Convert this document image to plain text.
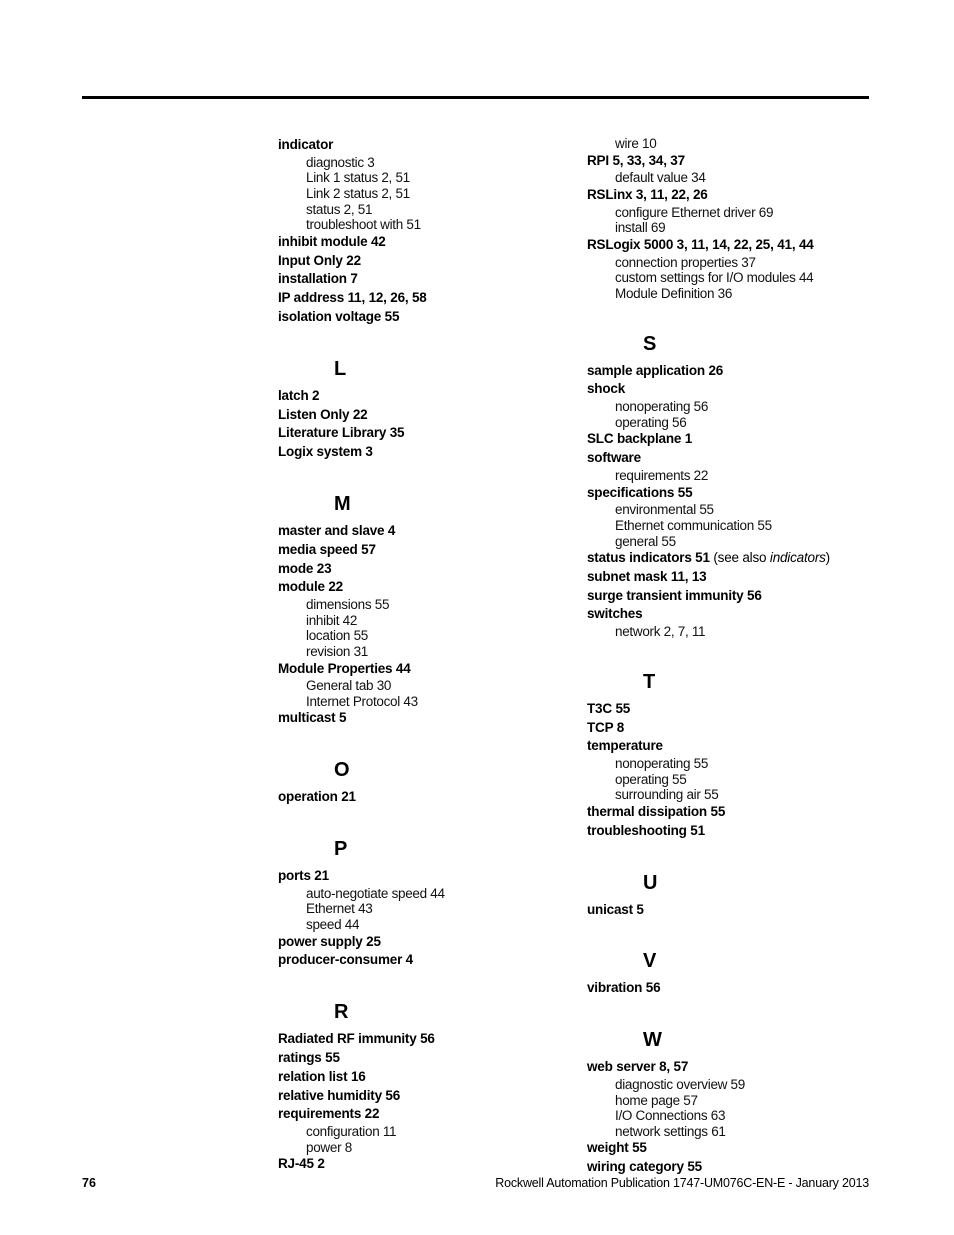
indicator
diagnostic 3
Link 1 status 2, 51
Link 2 status 2, 51
status 2, 51
troubleshoot with 51
inhibit module 42
Input Only 22
installation 7
IP address 11, 12, 26, 58
isolation voltage 55
L
latch 2
Listen Only 22
Literature Library 35
Logix system 3
M
master and slave 4
media speed 57
mode 23
module 22
dimensions 55
inhibit 42
location 55
revision 31
Module Properties 44
General tab 30
Internet Protocol 43
multicast 5
O
operation 21
P
ports 21
auto-negotiate speed 44
Ethernet 43
speed 44
power supply 25
producer-consumer 4
R
Radiated RF immunity 56
ratings 55
relation list 16
relative humidity 56
requirements 22
configuration 11
power 8
RJ-45 2
wire 10
RPI 5, 33, 34, 37
default value 34
RSLinx 3, 11, 22, 26
configure Ethernet driver 69
install 69
RSLogix 5000 3, 11, 14, 22, 25, 41, 44
connection properties 37
custom settings for I/O modules 44
Module Definition 36
S
sample application 26
shock
nonoperating 56
operating 56
SLC backplane 1
software
requirements 22
specifications 55
environmental 55
Ethernet communication 55
general 55
status indicators 51 (see also indicators)
subnet mask 11, 13
surge transient immunity 56
switches
network 2, 7, 11
T
T3C 55
TCP 8
temperature
nonoperating 55
operating 55
surrounding air 55
thermal dissipation 55
troubleshooting 51
U
unicast 5
V
vibration 56
W
web server 8, 57
diagnostic overview 59
home page 57
I/O Connections 63
network settings 61
weight 55
wiring category 55
76	Rockwell Automation Publication 1747-UM076C-EN-E - January 2013
